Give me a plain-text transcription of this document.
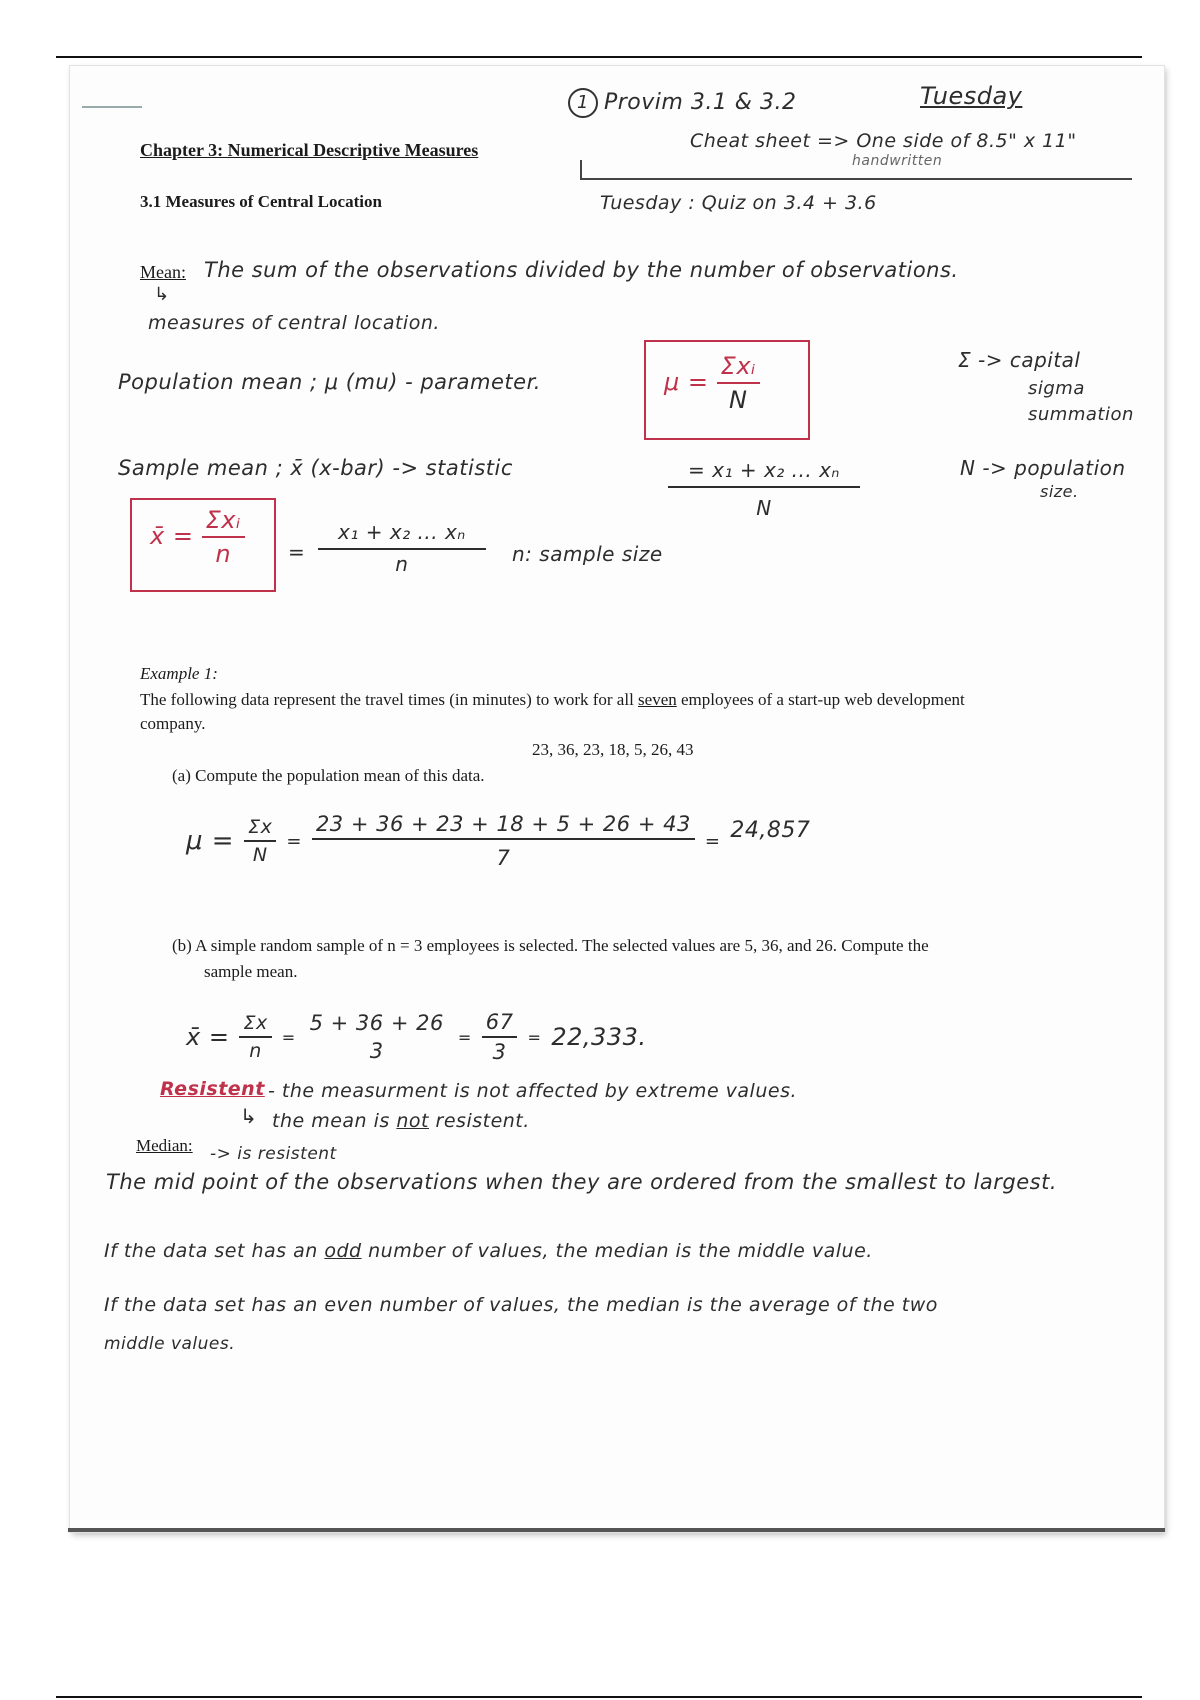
Chapter 3: Numerical Descriptive Measures
3.1 Measures of Central Location
1 Provim 3.1 & 3.2	Tuesday
Cheat sheet => One side of 8.5" x 11"
handwritten
Tuesday : Quiz on 3.4 + 3.6
Mean: The sum of the observations divided by the number of observations.
↳
measures of central location.
Population mean ; μ (mu) - parameter.	$\mu = \frac{\text{Σxᵢ}}{N}$
$\frac{\text{= x₁ + x₂ ... xₙ}}{N}$
Σ -> capital
sigma
summation
N -> population
size.
Sample mean ; x̄ (x-bar) -> statistic
x̄ = $\frac{\text{Σxᵢ}}{n} = \frac{\text{x₁ + x₂ ... xₙ}}{n} n$: sample size
Example 1:
The following data represent the travel times (in minutes) to work for all seven employees of a start-up web development
company.
23, 36, 23, 18, 5, 26, 43
(a) Compute the population mean of this data.
$\mu = \frac{\Sigma x}{N} = \frac{23 + 36 + 23 + 18 + 5 + 26 + 43}{7} = 24,857$
(b) A simple random sample of n = 3 employees is selected. The selected values are 5, 36, and 26. Compute the
sample mean.
x̄ = $\frac{\Sigma x}{n}$ =
5 + 36 + 26
3
= $\frac{67}{3} = 22,333$.
Resistent - the measurment is not affected by extreme values.
↳ the mean is not resistent.
Median: -> is resistent
The mid point of the observations when they are ordered from the smallest to largest.
If the data set has an odd number of values, the median is the middle value.
If the data set has an even number of values, the median is the average of the two
middle values.
